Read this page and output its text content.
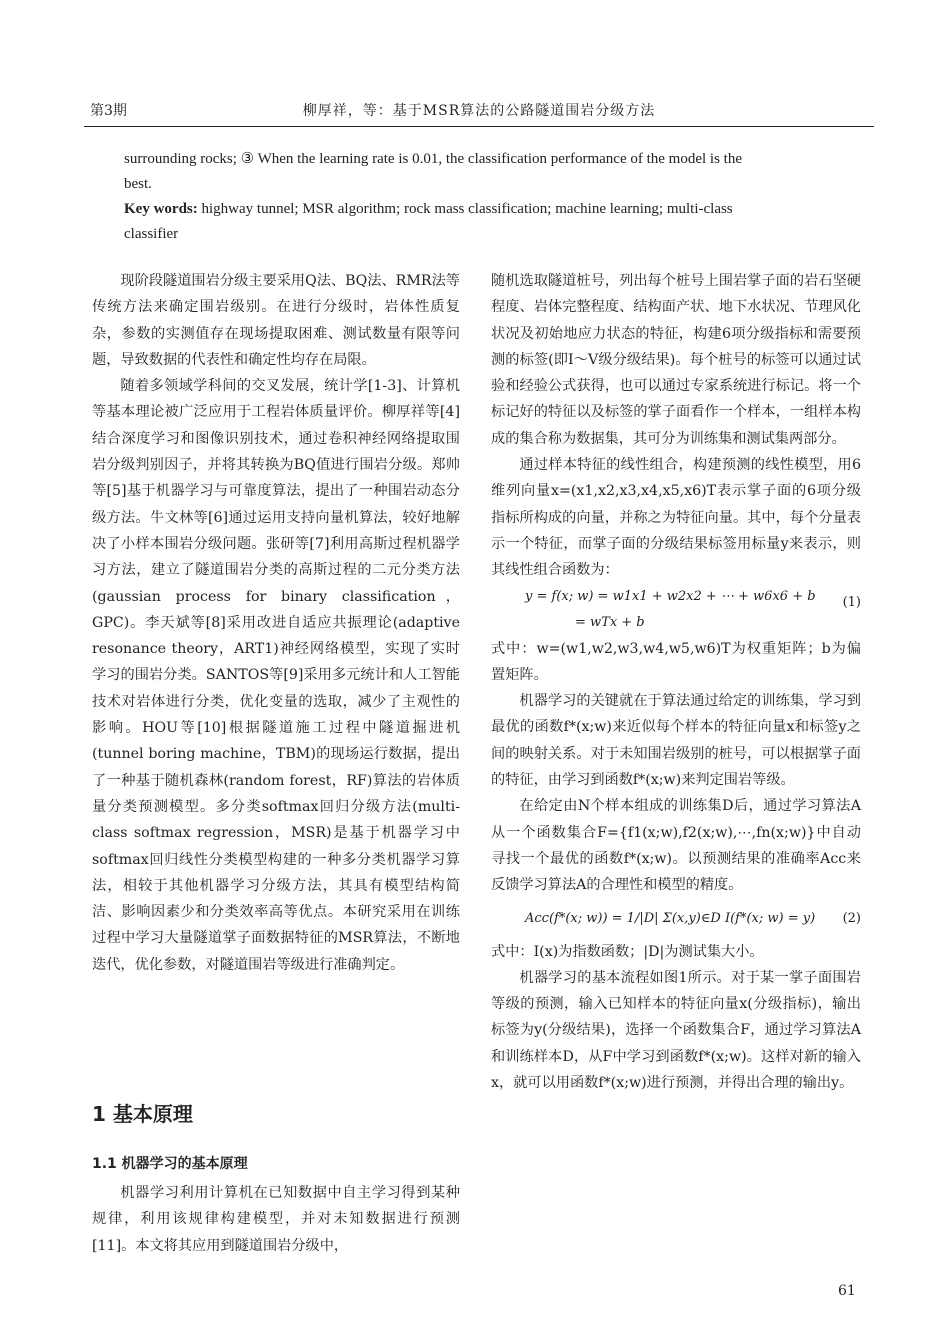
第3期	柳厚祥，等：基于MSR算法的公路隧道围岩分级方法
surrounding rocks; ③ When the learning rate is 0.01, the classification performance of the model is the
best.
Key words: highway tunnel; MSR algorithm; rock mass classification; machine learning; multi-class
classifier

现阶段隧道围岩分级主要采用Q法、BQ法、RMR法等传统方法来确定围岩级别。在进行分级时，岩体性质复杂，参数的实测值存在现场提取困难、测试数量有限等问题，导致数据的代表性和确定性均存在局限。

随着多领域学科间的交叉发展，统计学[1-3]、计算机等基本理论被广泛应用于工程岩体质量评价。柳厚祥等[4]结合深度学习和图像识别技术，通过卷积神经网络提取围岩分级判别因子，并将其转换为BQ值进行围岩分级。郑帅等[5]基于机器学习与可靠度算法，提出了一种围岩动态分级方法。牛文林等[6]通过运用支持向量机算法，较好地解决了小样本围岩分级问题。张研等[7]利用高斯过程机器学习方法，建立了隧道围岩分类的高斯过程的二元分类方法(gaussian process for binary classification，GPC)。李天斌等[8]采用改进自适应共振理论(adaptive resonance theory，ART1)神经网络模型，实现了实时学习的围岩分类。SANTOS等[9]采用多元统计和人工智能技术对岩体进行分类，优化变量的选取，减少了主观性的影响。HOU等[10]根据隧道施工过程中隧道掘进机(tunnel boring machine，TBM)的现场运行数据，提出了一种基于随机森林(random forest，RF)算法的岩体质量分类预测模型。多分类softmax回归分级方法(multi-class softmax regression，MSR)是基于机器学习中softmax回归线性分类模型构建的一种多分类机器学习算法，相较于其他机器学习分级方法，其具有模型结构简洁、影响因素少和分类效率高等优点。本研究采用在训练过程中学习大量隧道掌子面数据特征的MSR算法，不断地迭代，优化参数，对隧道围岩等级进行准确判定。

1 基本原理
1.1 机器学习的基本原理

机器学习利用计算机在已知数据中自主学习得到某种规律，利用该规律构建模型，并对未知数据进行预测[11]。本文将其应用到隧道围岩分级中，

随机选取隧道桩号，列出每个桩号上围岩掌子面的岩石坚硬程度、岩体完整程度、结构面产状、地下水状况、节理风化状况及初始地应力状态的特征，构建6项分级指标和需要预测的标签(即Ⅰ～Ⅴ级分级结果)。每个桩号的标签可以通过试验和经验公式获得，也可以通过专家系统进行标记。将一个标记好的特征以及标签的掌子面看作一个样本，一组样本构成的集合称为数据集，其可分为训练集和测试集两部分。

通过样本特征的线性组合，构建预测的线性模型，用6维列向量x=(x1,x2,x3,x4,x5,x6)T表示掌子面的6项分级指标所构成的向量，并称之为特征向量。其中，每个分量表示一个特征，而掌子面的分级结果标签用标量y来表示，则其线性组合函数为：

y = f(x; w) = w1x1 + w2x2 + ⋯ + w6x6 + b (1)
= wTx + b

式中：w=(w1,w2,w3,w4,w5,w6)T为权重矩阵；b为偏置矩阵。

机器学习的关键就在于算法通过给定的训练集，学习到最优的函数f*(x;w)来近似每个样本的特征向量x和标签y之间的映射关系。对于未知围岩级别的桩号，可以根据掌子面的特征，由学习到函数f*(x;w)来判定围岩等级。

在给定由N个样本组成的训练集D后，通过学习算法A从一个函数集合F={f1(x;w),f2(x;w),⋯,fn(x;w)}中自动寻找一个最优的函数f*(x;w)。以预测结果的准确率Acc来反馈学习算法A的合理性和模型的精度。

Acc(f*(x; w)) = 1/|D| Σ(x,y)∈D I(f*(x; w) = y) (2)

式中：I(x)为指数函数；|D|为测试集大小。

机器学习的基本流程如图1所示。对于某一掌子面围岩等级的预测，输入已知样本的特征向量x(分级指标)，输出标签为y(分级结果)，选择一个函数集合F，通过学习算法A和训练样本D，从F中学习到函数f*(x;w)。这样对新的输入x，就可以用函数f*(x;w)进行预测，并得出合理的输出y。

61
